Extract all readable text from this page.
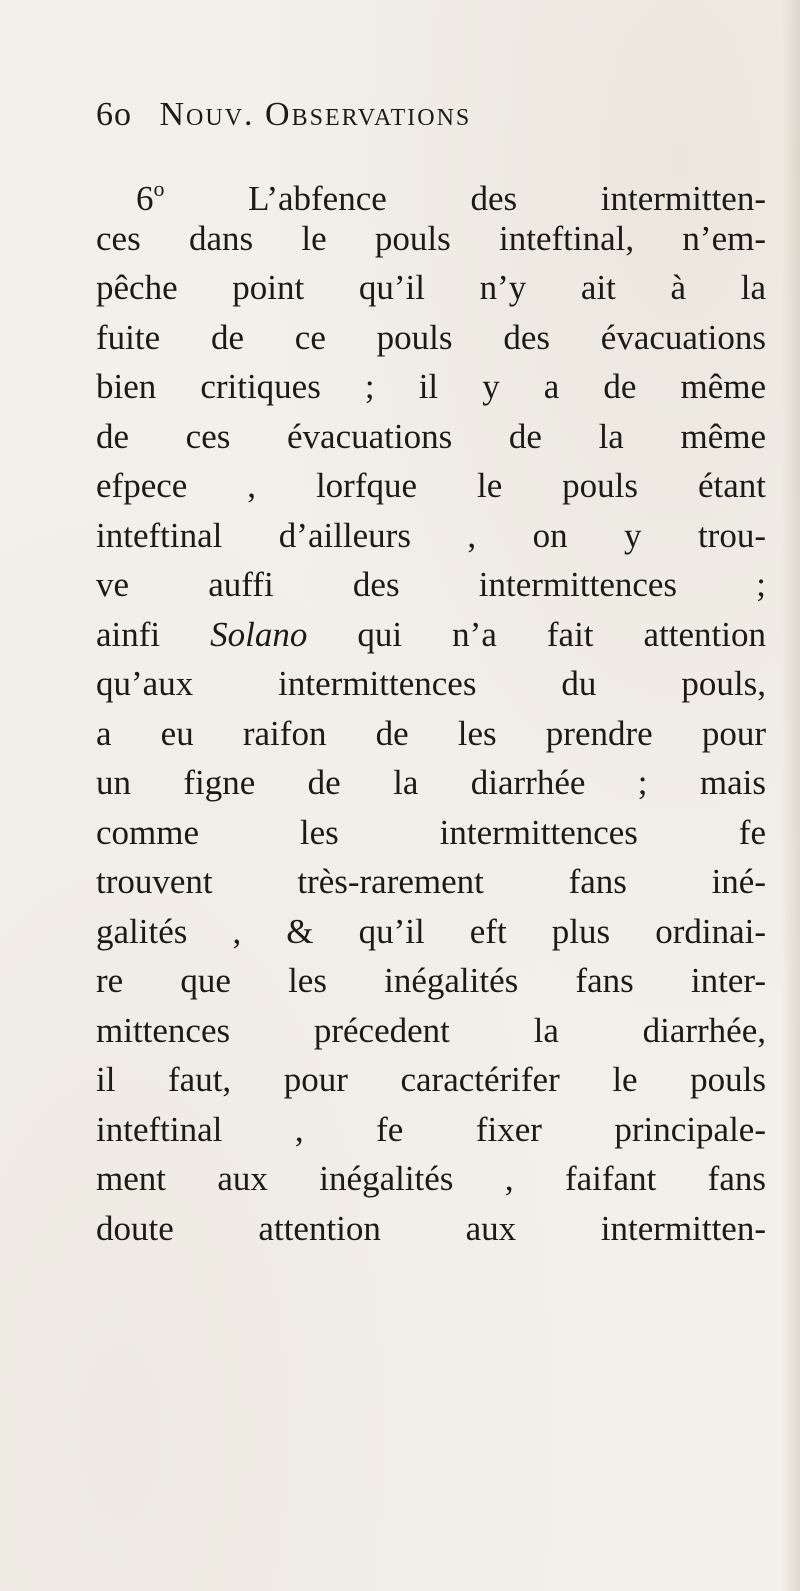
6o Nouv. Observations
6$^o$ L’abfence des intermitten-
ces dans le pouls inteftinal, n’em-
pêche point qu’il n’y ait à la
fuite de ce pouls des évacuations
bien critiques ; il y a de même
de ces évacuations de la même
efpece , lorfque le pouls étant
inteftinal d’ailleurs , on y trou-
ve auffi des intermittences ;
ainfi Solano qui n’a fait attention
qu’aux intermittences du pouls,
a eu raifon de les prendre pour
un figne de la diarrhée ; mais
comme les intermittences fe
trouvent très-rarement fans iné-
galités , & qu’il eft plus ordinai-
re que les inégalités fans inter-
mittences précedent la diarrhée,
il faut, pour caractérifer le pouls
inteftinal , fe fixer principale-
ment aux inégalités , faifant fans
doute attention aux intermitten-
